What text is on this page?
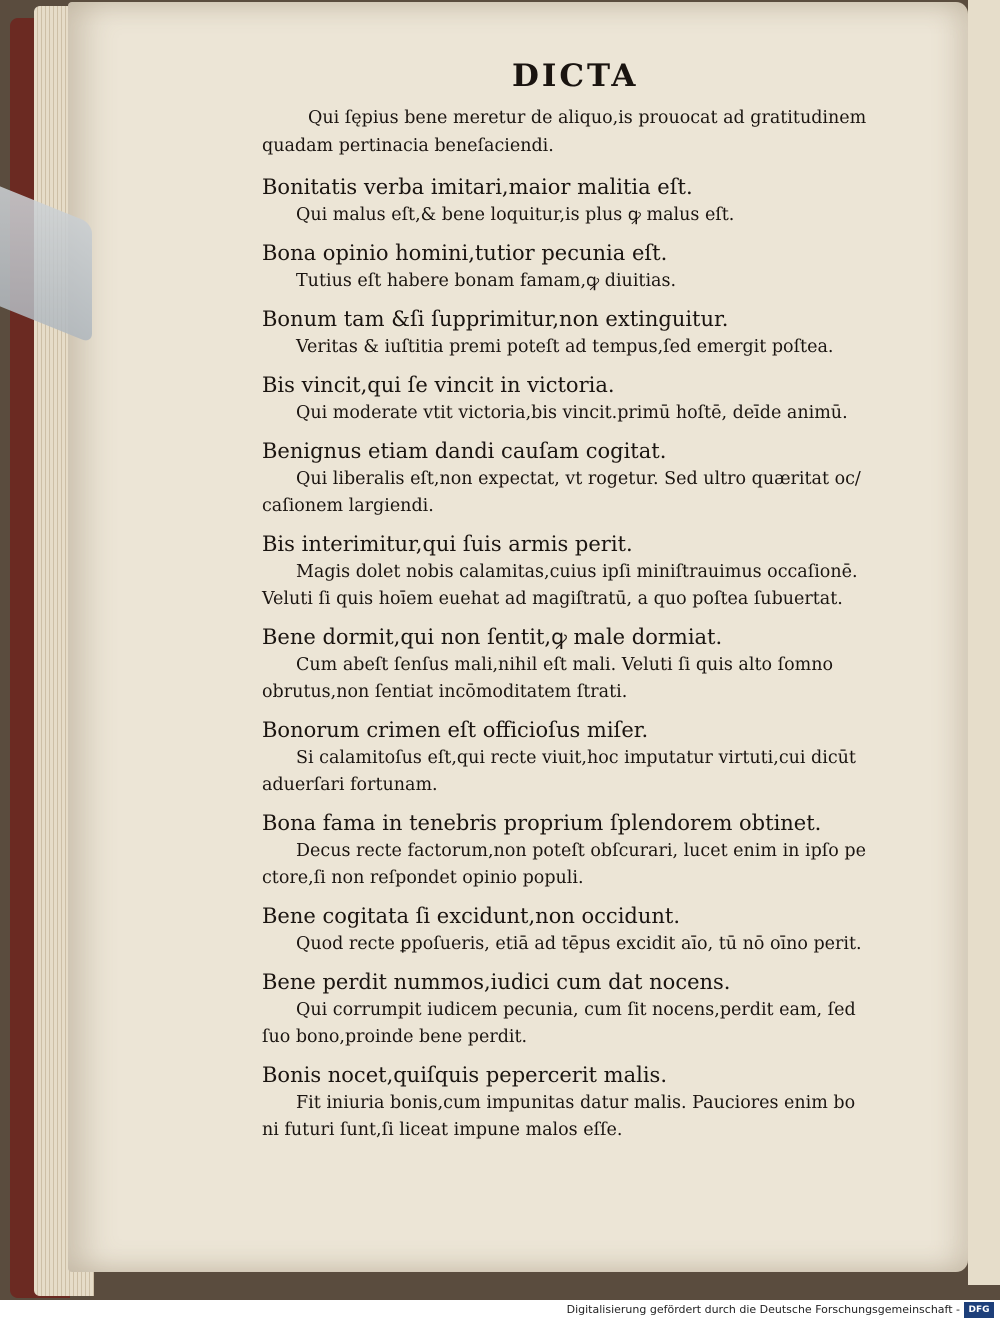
DICTA

Qui ſępius bene meretur de aliquo,is prouocat ad gratitudinem
quadam pertinacia beneſaciendi.

Bonitatis verba imitari,maior malitia eſt.
Qui malus eſt,& bene loquitur,is plus ꝙ malus eſt.
Bona opinio homini,tutior pecunia eſt.
Tutius eſt habere bonam famam,ꝙ diuitias.
Bonum tam &ſi ſupprimitur,non extinguitur.
Veritas & iuſtitia premi poteſt ad tempus,ſed emergit poſtea.
Bis vincit,qui ſe vincit in victoria.
Qui moderate vtit victoria,bis vincit.primū hoſtē, deīde animū.
Benignus etiam dandi cauſam cogitat.
Qui liberalis eſt,non expectat, vt rogetur. Sed ultro quæritat oc/
caſionem largiendi.
Bis interimitur,qui ſuis armis perit.
Magis dolet nobis calamitas,cuius ipſi miniſtrauimus occaſionē.
Veluti ſi quis hoīem euehat ad magiſtratū, a quo poſtea ſubuertat.
Bene dormit,qui non ſentit,ꝙ male dormiat.
Cum abeſt ſenſus mali,nihil eſt mali. Veluti ſi quis alto ſomno
obrutus,non ſentiat incōmoditatem ſtrati.
Bonorum crimen eſt officioſus miſer.
Si calamitoſus eſt,qui recte viuit,hoc imputatur virtuti,cui dicūt
aduerſari fortunam.
Bona fama in tenebris proprium ſplendorem obtinet.
Decus recte factorum,non poteſt obſcurari, lucet enim in ipſo pe
ctore,ſi non reſpondet opinio populi.
Bene cogitata ſi excidunt,non occidunt.
Quod recte ꝑpoſueris, etiā ad tēpus excidit aīo, tū nō oīno perit.
Bene perdit nummos,iudici cum dat nocens.
Qui corrumpit iudicem pecunia, cum ſit nocens,perdit eam, ſed
ſuo bono,proinde bene perdit.
Bonis nocet,quiſquis pepercerit malis.
Fit iniuria bonis,cum impunitas datur malis. Pauciores enim bo
ni futuri ſunt,ſi liceat impune malos eſſe.
Digitalisierung gefördert durch die Deutsche Forschungsgemeinschaft - DFG
